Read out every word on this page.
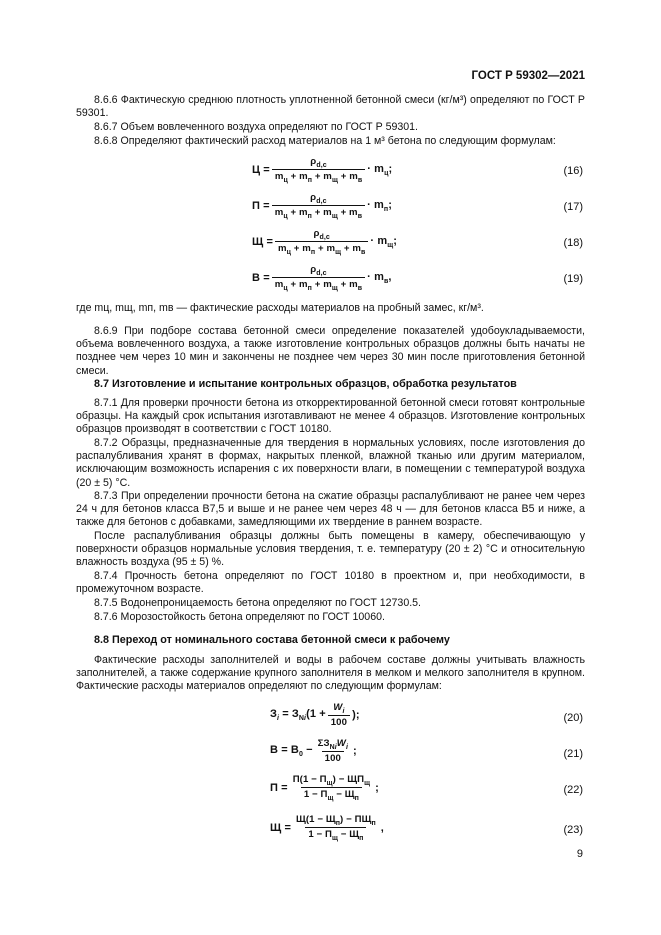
ГОСТ Р 59302—2021
8.6.6 Фактическую среднюю плотность уплотненной бетонной смеси (кг/м³) определяют по ГОСТ Р 59301.
8.6.7 Объем вовлеченного воздуха определяют по ГОСТ Р 59301.
8.6.8 Определяют фактический расход материалов на 1 м³ бетона по следующим формулам:
$Ц = \frac{\rho_{d,c}}{m_ц + m_п + m_щ + m_в} \cdot m_ц$;	(16)
$П = \frac{\rho_{d,c}}{m_ц + m_п + m_щ + m_в} \cdot m_п$;	(17)
$Щ = \frac{\rho_{d,c}}{m_ц + m_п + m_щ + m_в} \cdot m_щ$;	(18)
$В = \frac{\rho_{d,c}}{m_ц + m_п + m_щ + m_в} \cdot m_в$,	(19)
где mц, mщ, mп, mв — фактические расходы материалов на пробный замес, кг/м³.
8.6.9 При подборе состава бетонной смеси определение показателей удобоукладываемости, объема вовлеченного воздуха, а также изготовление контрольных образцов должны быть начаты не позднее чем через 10 мин и закончены не позднее чем через 30 мин после приготовления бетонной смеси.
8.7 Изготовление и испытание контрольных образцов, обработка результатов
8.7.1 Для проверки прочности бетона из откорректированной бетонной смеси готовят контрольные образцы. На каждый срок испытания изготавливают не менее 4 образцов. Изготовление контрольных образцов производят в соответствии с ГОСТ 10180.
8.7.2 Образцы, предназначенные для твердения в нормальных условиях, после изготовления до распалубливания хранят в формах, накрытых пленкой, влажной тканью или другим материалом, исключающим возможность испарения с их поверхности влаги, в помещении с температурой воздуха (20 ± 5) °С.
8.7.3 При определении прочности бетона на сжатие образцы распалубливают не ранее чем через 24 ч для бетонов класса В7,5 и выше и не ранее чем через 48 ч — для бетонов класса В5 и ниже, а также для бетонов с добавками, замедляющими их твердение в раннем возрасте.
После распалубливания образцы должны быть помещены в камеру, обеспечивающую у поверхности образцов нормальные условия твердения, т. е. температуру (20 ± 2) °С и относительную влажность воздуха (95 ± 5) %.
8.7.4 Прочность бетона определяют по ГОСТ 10180 в проектном и, при необходимости, в промежуточном возрасте.
8.7.5 Водонепроницаемость бетона определяют по ГОСТ 12730.5.
8.7.6 Морозостойкость бетона определяют по ГОСТ 10060.
8.8 Переход от номинального состава бетонной смеси к рабочему
Фактические расходы заполнителей и воды в рабочем составе должны учитывать влажность заполнителей, а также содержание крупного заполнителя в мелком и мелкого заполнителя в крупном. Фактические расходы материалов определяют по следующим формулам:
$З_i = З_{Ni}(1 + \frac{W_i}{100}$ );	(20)
$В = В_0 - \frac{\Sigma З_{Ni}W_i}{100}$ ;	(21)
$П = \frac{П(1 - П_щ) - ЩП_щ}{1 - П_щ - Щ_п}$ ;	(22)
$Щ = \frac{Щ(1 - Щ_п) - ПЩ_п}{1 - П_щ - Щ_п}$ ,	(23)
9
